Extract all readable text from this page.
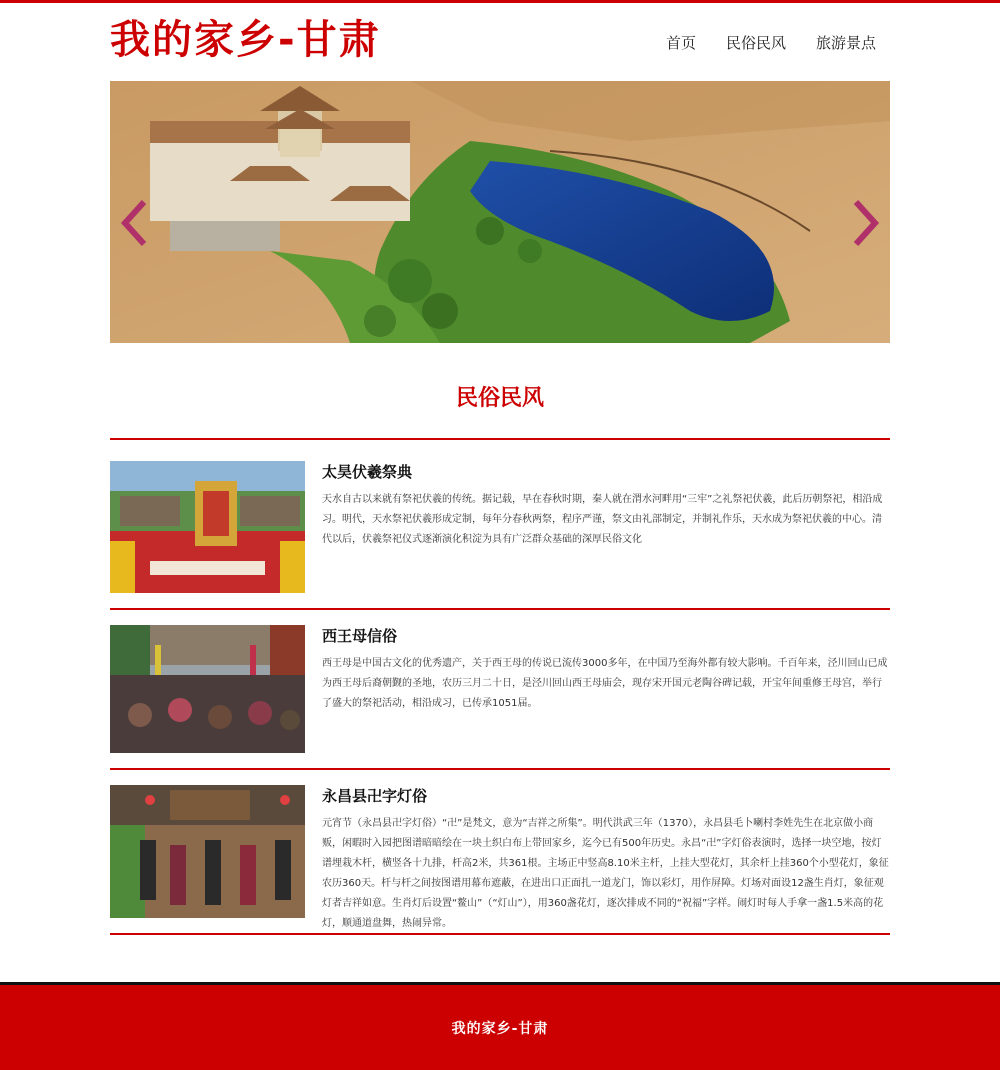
我的家乡-甘肃	首页 民俗民风 旅游景点
民俗民风
太昊伏羲祭典
天水自古以来就有祭祀伏羲的传统。据记载，早在春秋时期，秦人就在渭水河畔用“三牢”之礼祭祀伏羲，此后历朝祭祀，相沿成习。明代，天水祭祀伏羲形成定制，每年分春秋两祭，程序严谨，祭文由礼部制定，并制礼作乐，天水成为祭祀伏羲的中心。清代以后，伏羲祭祀仪式逐渐演化积淀为具有广泛群众基础的深厚民俗文化
西王母信俗
西王母是中国古文化的优秀遗产，关于西王母的传说已流传3000多年，在中国乃至海外都有较大影响。千百年来，泾川回山已成为西王母后裔朝觐的圣地，农历三月二十日，是泾川回山西王母庙会，现存宋开国元老陶谷碑记载，开宝年间重修王母宫，举行了盛大的祭祀活动，相沿成习，已传承1051届。
永昌县卍字灯俗
元宵节（永昌县卍字灯俗）“卍”是梵文，意为“吉祥之所集”。明代洪武三年（1370），永昌县毛卜喇村李姓先生在北京做小商贩，闲暇时入园把图谱暗暗绘在一块土织白布上带回家乡，迄今已有500年历史。永昌“卍”字灯俗表演时，选择一块空地，按灯谱埋栽木杆，横竖各十九排，杆高2米，共361根。主场正中竖高8.10米主杆，上挂大型花灯，其余杆上挂360个小型花灯，象征农历360天。杆与杆之间按图谱用幕布遮蔽，在进出口正面扎一道龙门，饰以彩灯，用作屏障。灯场对面设12盏生肖灯，象征观灯者吉祥如意。生肖灯后设置“鳌山”（“灯山”），用360盏花灯，逐次排成不同的“祝福”字样。闹灯时每人手拿一盏1.5米高的花灯，顺通道盘舞，热闹异常。
我的家乡-甘肃
